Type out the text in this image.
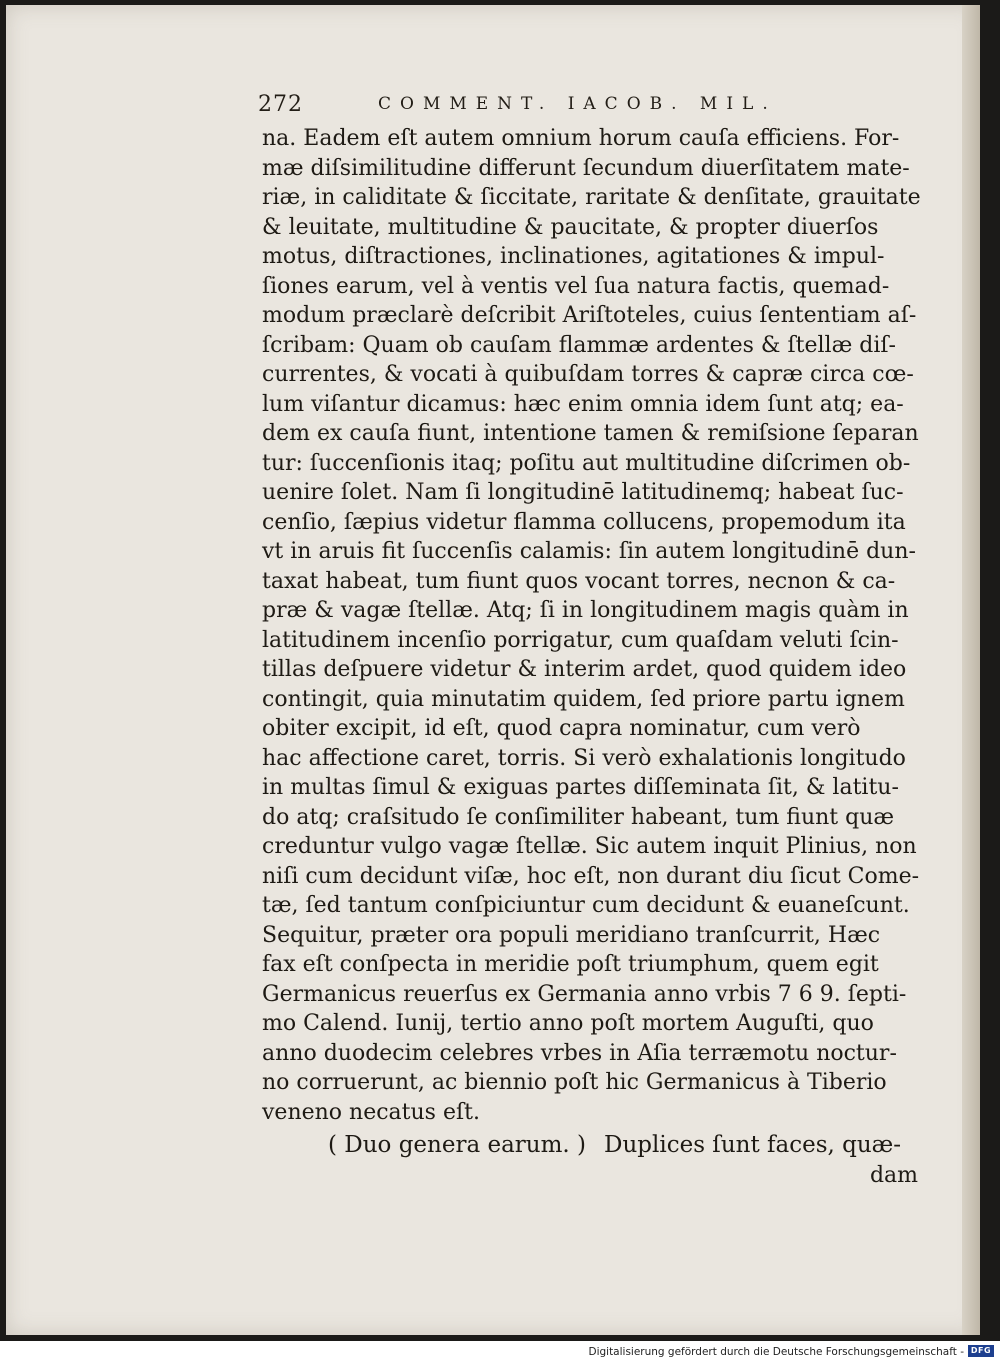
272	COMMENT. IACOB. MIL.
na. Eadem eſt autem omnium horum cauſa efficiens. For-
mæ diſsimilitudine differunt ſecundum diuerſitatem mate-
riæ, in caliditate & ſiccitate, raritate & denſitate, grauitate
& leuitate, multitudine & paucitate, & propter diuerſos
motus, diſtractiones, inclinationes, agitationes & impul-
ſiones earum, vel à ventis vel ſua natura factis, quemad-
modum præclarè deſcribit Ariſtoteles, cuius ſententiam aſ-
ſcribam: Quam ob cauſam flammæ ardentes & ſtellæ diſ-
currentes, & vocati à quibuſdam torres & capræ circa cœ-
lum viſantur dicamus: hæc enim omnia idem ſunt atq; ea-
dem ex cauſa fiunt, intentione tamen & remiſsione ſeparan
tur: ſuccenſionis itaq; poſitu aut multitudine diſcrimen ob-
uenire ſolet. Nam ſi longitudinē latitudinemq; habeat ſuc-
cenſio, ſæpius videtur flamma collucens, propemodum ita
vt in aruis fit ſuccenſis calamis: ſin autem longitudinē dun-
taxat habeat, tum fiunt quos vocant torres, necnon & ca-
præ & vagæ ſtellæ. Atq; ſi in longitudinem magis quàm in
latitudinem incenſio porrigatur, cum quaſdam veluti ſcin-
tillas deſpuere videtur & interim ardet, quod quidem ideo
contingit, quia minutatim quidem, ſed priore partu ignem
obiter excipit, id eſt, quod capra nominatur, cum verò
hac affectione caret, torris. Si verò exhalationis longitudo
in multas ſimul & exiguas partes diſſeminata ſit, & latitu-
do atq; craſsitudo ſe conſimiliter habeant, tum fiunt quæ
creduntur vulgo vagæ ſtellæ. Sic autem inquit Plinius, non
niſi cum decidunt viſæ, hoc eſt, non durant diu ſicut Come-
tæ, ſed tantum conſpiciuntur cum decidunt & euaneſcunt.
Sequitur, præter ora populi meridiano tranſcurrit, Hæc
fax eſt conſpecta in meridie poſt triumphum, quem egit
Germanicus reuerſus ex Germania anno vrbis 7 6 9. ſepti-
mo Calend. Iunij, tertio anno poſt mortem Auguſti, quo
anno duodecim celebres vrbes in Aſia terræmotu noctur-
no corruerunt, ac biennio poſt hic Germanicus à Tiberio
veneno necatus eſt.
( Duo genera earum. ) Duplices ſunt faces, quæ-
dam
Digitalisierung gefördert durch die Deutsche Forschungsgemeinschaft - DFG
